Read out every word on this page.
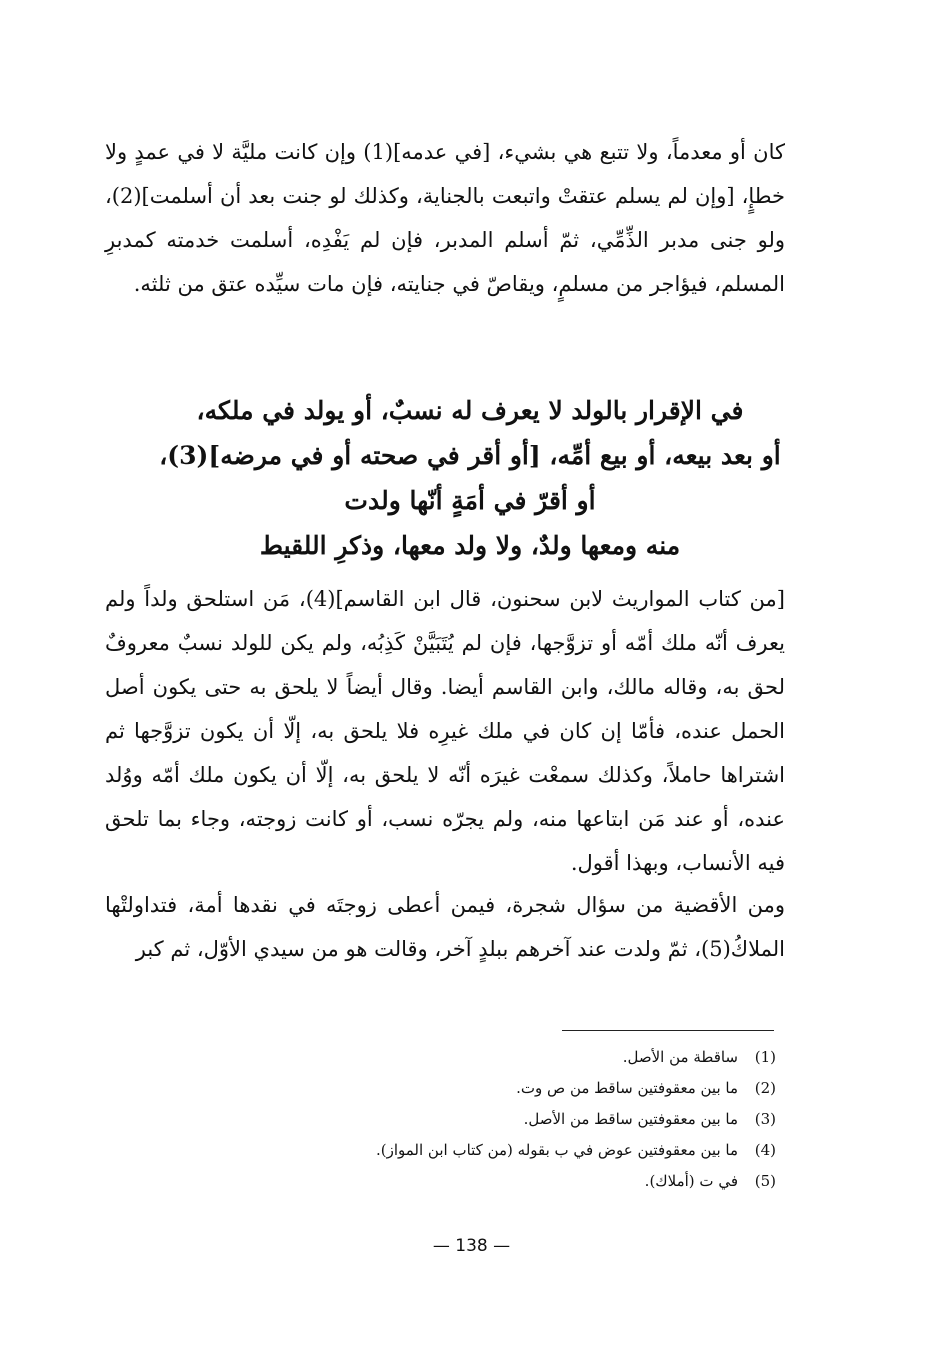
كان أو معدماً، ولا تتبع هي بشيء، [في عدمه](1) وإن كانت مليَّة لا في عمدٍ ولا خطإٍ، [وإن لم يسلم عتقتْ واتبعت بالجناية، وكذلك لو جنت بعد أن أسلمت](2)، ولو جنى مدبر الذِّمِّي، ثمّ أسلم المدبر، فإن لم يَفْدِه، أسلمت خدمته كمدبرِ المسلم، فيؤاجر من مسلمٍ، ويقاصّ في جنايته، فإن مات سيِّده عتق من ثلثه.

في الإقرار بالولد لا يعرف له نسبٌ، أو يولد في ملكه،
أو بعد بيعه، أو بيع أمِّه، [أو أقر في صحته أو في مرضه](3)،
أو أقرّ في أمَةٍ أنّها ولدت
منه ومعها ولدٌ، ولا ولد معها، وذكرِ اللقيط

[من كتاب المواريث لابن سحنون، قال ابن القاسم](4)، مَن استلحق ولداً ولم يعرف أنّه ملك أمّه أو تزوَّجها، فإن لم يُتَبَيَّنْ كَذِبُه، ولم يكن للولد نسبٌ معروفٌ لحق به، وقاله مالك، وابن القاسم أيضا. وقال أيضاً لا يلحق به حتى يكون أصل الحمل عنده، فأمّا إن كان في ملك غيرِه فلا يلحق به، إلّا أن يكون تزوَّجها ثم اشتراها حاملاً، وكذلك سمعْت غيرَه أنّه لا يلحق به، إلّا أن يكون ملك أمّه ووُلد عنده، أو عند مَن ابتاعها منه، ولم يجرّه نسب، أو كانت زوجته، وجاء بما تلحق فيه الأنساب، وبهذا أقول.

ومن الأقضية من سؤال شجرة، فيمن أعطى زوجتَه في نقدها أمة، فتداولتْها الملاكُ(5)، ثمّ ولدت عند آخرهم ببلدٍ آخر، وقالت هو من سيدي الأوّل، ثم كبر

(1)
ساقطة من الأصل.
(2)
ما بين معقوفتين ساقط من ص وت.
(3)
ما بين معقوفتين ساقط من الأصل.
(4)
ما بين معقوفتين عوض في ب بقوله (من كتاب ابن المواز).
(5)
في ت (أملاك).
— 138 —
